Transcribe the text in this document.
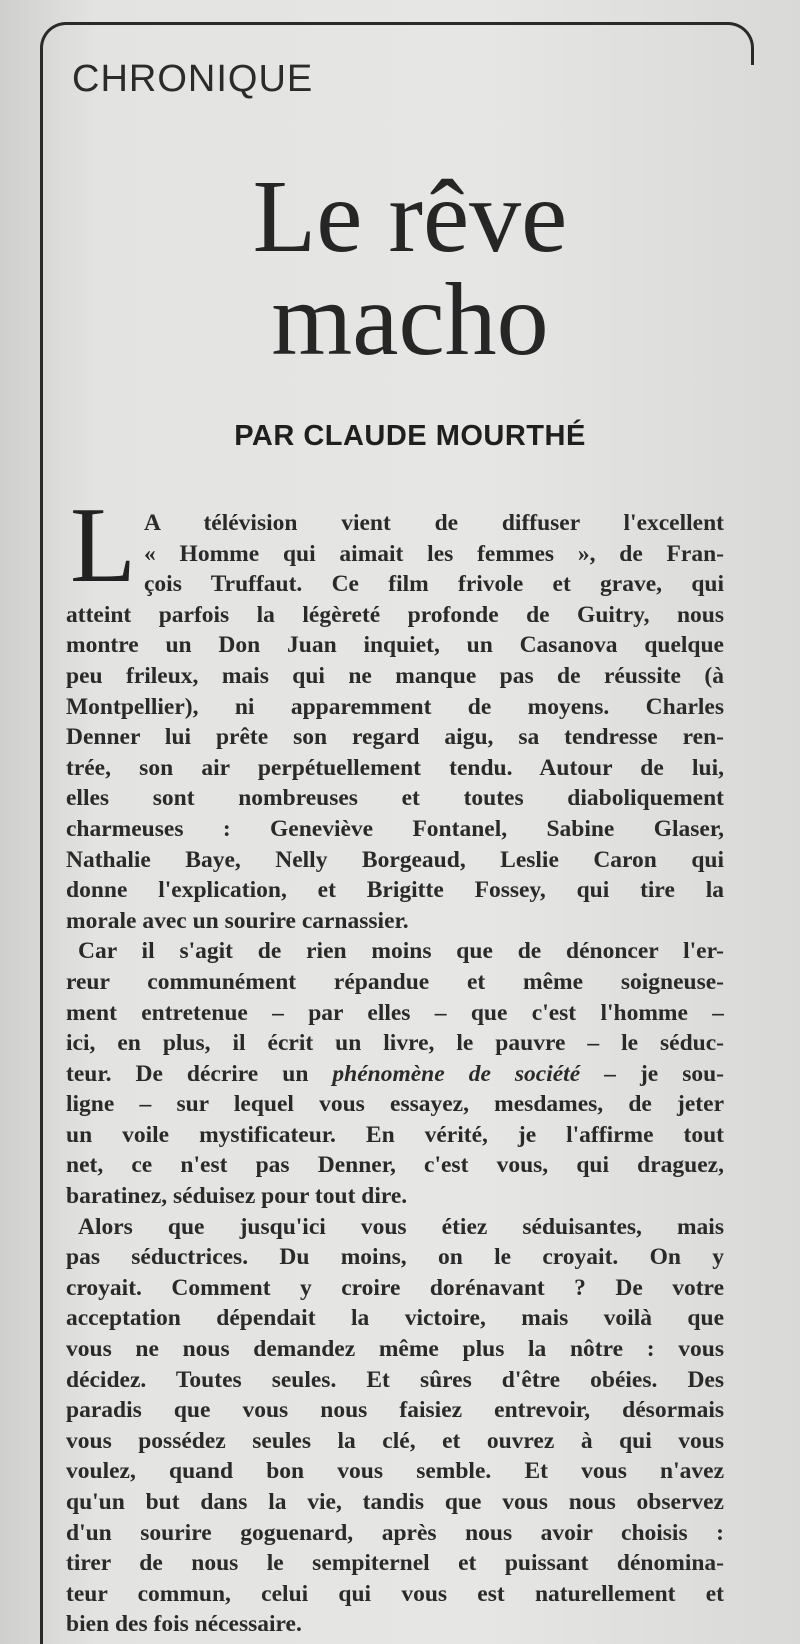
CHRONIQUE
Le rêve
macho
PAR CLAUDE MOURTHÉ
L A télévision vient de diffuser l'excellent
« Homme qui aimait les femmes », de Fran-
çois Truffaut. Ce film frivole et grave, qui
atteint parfois la légèreté profonde de Guitry, nous
montre un Don Juan inquiet, un Casanova quelque
peu frileux, mais qui ne manque pas de réussite (à
Montpellier), ni apparemment de moyens. Charles
Denner lui prête son regard aigu, sa tendresse ren-
trée, son air perpétuellement tendu. Autour de lui,
elles sont nombreuses et toutes diaboliquement
charmeuses : Geneviève Fontanel, Sabine Glaser,
Nathalie Baye, Nelly Borgeaud, Leslie Caron qui
donne l'explication, et Brigitte Fossey, qui tire la
morale avec un sourire carnassier.
Car il s'agit de rien moins que de dénoncer l'er-
reur communément répandue et même soigneuse-
ment entretenue – par elles – que c'est l'homme –
ici, en plus, il écrit un livre, le pauvre – le séduc-
teur. De décrire un phénomène de société – je sou-
ligne – sur lequel vous essayez, mesdames, de jeter
un voile mystificateur. En vérité, je l'affirme tout
net, ce n'est pas Denner, c'est vous, qui draguez,
baratinez, séduisez pour tout dire.
Alors que jusqu'ici vous étiez séduisantes, mais
pas séductrices. Du moins, on le croyait. On y
croyait. Comment y croire dorénavant ? De votre
acceptation dépendait la victoire, mais voilà que
vous ne nous demandez même plus la nôtre : vous
décidez. Toutes seules. Et sûres d'être obéies. Des
paradis que vous nous faisiez entrevoir, désormais
vous possédez seules la clé, et ouvrez à qui vous
voulez, quand bon vous semble. Et vous n'avez
qu'un but dans la vie, tandis que vous nous observez
d'un sourire goguenard, après nous avoir choisis :
tirer de nous le sempiternel et puissant dénomina-
teur commun, celui qui vous est naturellement et
bien des fois nécessaire.
